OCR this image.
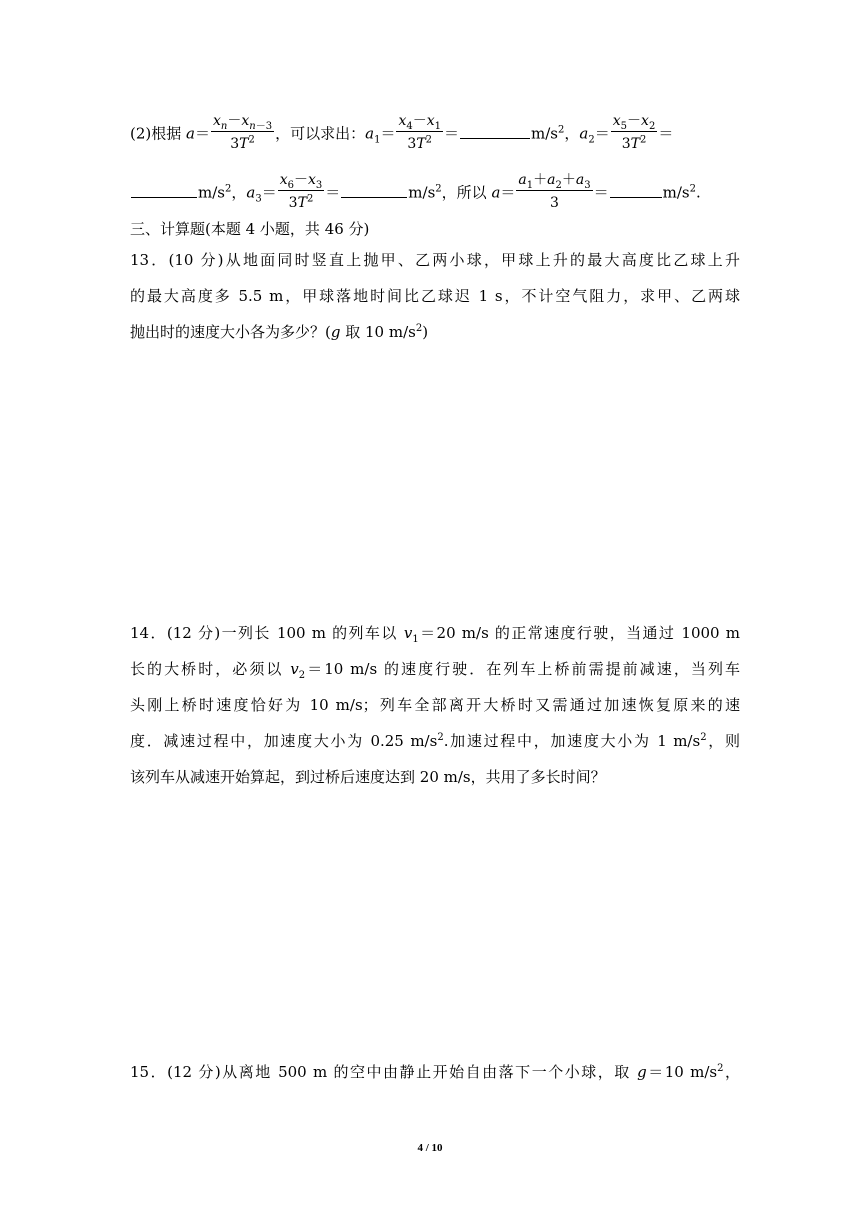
(2)根据 $a= \frac{x_n-x_{n-3}}{3T^2}$ ，可以求出：$a_1= \frac{x_4-x_1}{3T^2}$ ＝	$m/s^2$，$a_2= \frac{x_5-x_2}{3T^2}$ ＝
$m/s^2$，$a_3= \frac{x_6-x_3}{3T^2}$ ＝	$m/s^2$，所以 $a= \frac{a_1+a_2+a_3}{3}$ ＝	$m/s^2$.
三、计算题(本题 4 小题，共 46 分)
13．(10 分)从地面同时竖直上抛甲、乙两小球，甲球上升的最大高度比乙球上升
的最大高度多 5.5 m，甲球落地时间比乙球迟 1 s，不计空气阻力，求甲、乙两球
抛出时的速度大小各为多少？(g 取 10 $m/s^2$)
14．(12 分)一列长 100 m 的列车以 $v_1=20$ m/s 的正常速度行驶，当通过 1000 m
长的大桥时，必须以 $v_2=10$ m/s 的速度行驶．在列车上桥前需提前减速，当列车
头刚上桥时速度恰好为 10 m/s；列车全部离开大桥时又需通过加速恢复原来的速
度．减速过程中，加速度大小为 0.25 $m/s^2$.加速过程中，加速度大小为 1 $m/s^2$，则
该列车从减速开始算起，到过桥后速度达到 20 m/s，共用了多长时间？
15．(12 分)从离地 500 m 的空中由静止开始自由落下一个小球，取 g＝10 $m/s^2$，
4 / 10
